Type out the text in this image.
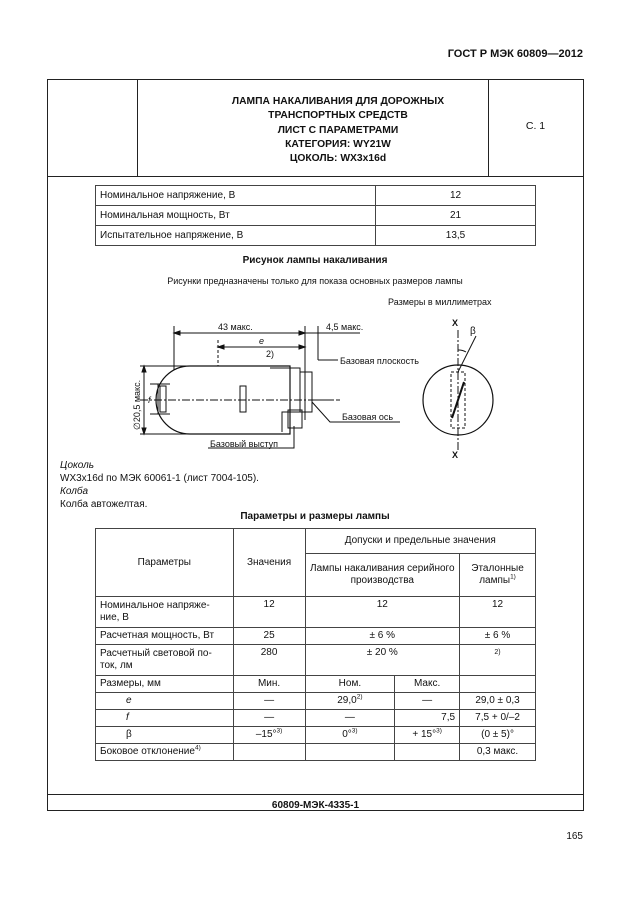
ГОСТ Р МЭК 60809—2012
ЛАМПА НАКАЛИВАНИЯ ДЛЯ ДОРОЖНЫХ
ТРАНСПОРТНЫХ СРЕДСТВ
ЛИСТ С ПАРАМЕТРАМИ
КАТЕГОРИЯ: WY21W
ЦОКОЛЬ: WX3x16d
С. 1
Номинальное напряжение, В	12
Номинальная мощность, Вт	21
Испытательное напряжение, В	13,5
Рисунок лампы накаливания
Рисунки предназначены только для показа основных размеров лампы
Размеры в миллиметрах
43 макс.	4,5 макс.
e
2)
∅20,5 макс. f
Базовая плоскость
Базовая ось
Базовый выступ
X
X
β
Цоколь
WX3x16d по МЭК 60061-1 (лист 7004-105).
Колба
Колба автожелтая.
Параметры и размеры лампы
Параметры	Значения	Допуски и предельные значения		
		Лампы накаливания серийного производства		Эталонные лампы$^{1)}$
Номинальное напряже-ние, В	12	12		12
Расчетная мощность, Вт	25	± 6 %		± 6 %
Расчетный световой по-ток, лм	280	± 20 %		2)
Размеры, мм	Мин.	Ном.	Макс.	
e	—	29,0$^{2)}$	—	29,0 ± 0,3
f	—	—	7,5	7,5 + 0/–2
β	–15°$^{3)}$	0°$^{3)}$	+ 15°$^{3)}$	(0 ± 5)°
Боковое отклонение$^{4)}$				0,3 макс.
60809-МЭК-4335-1
165
